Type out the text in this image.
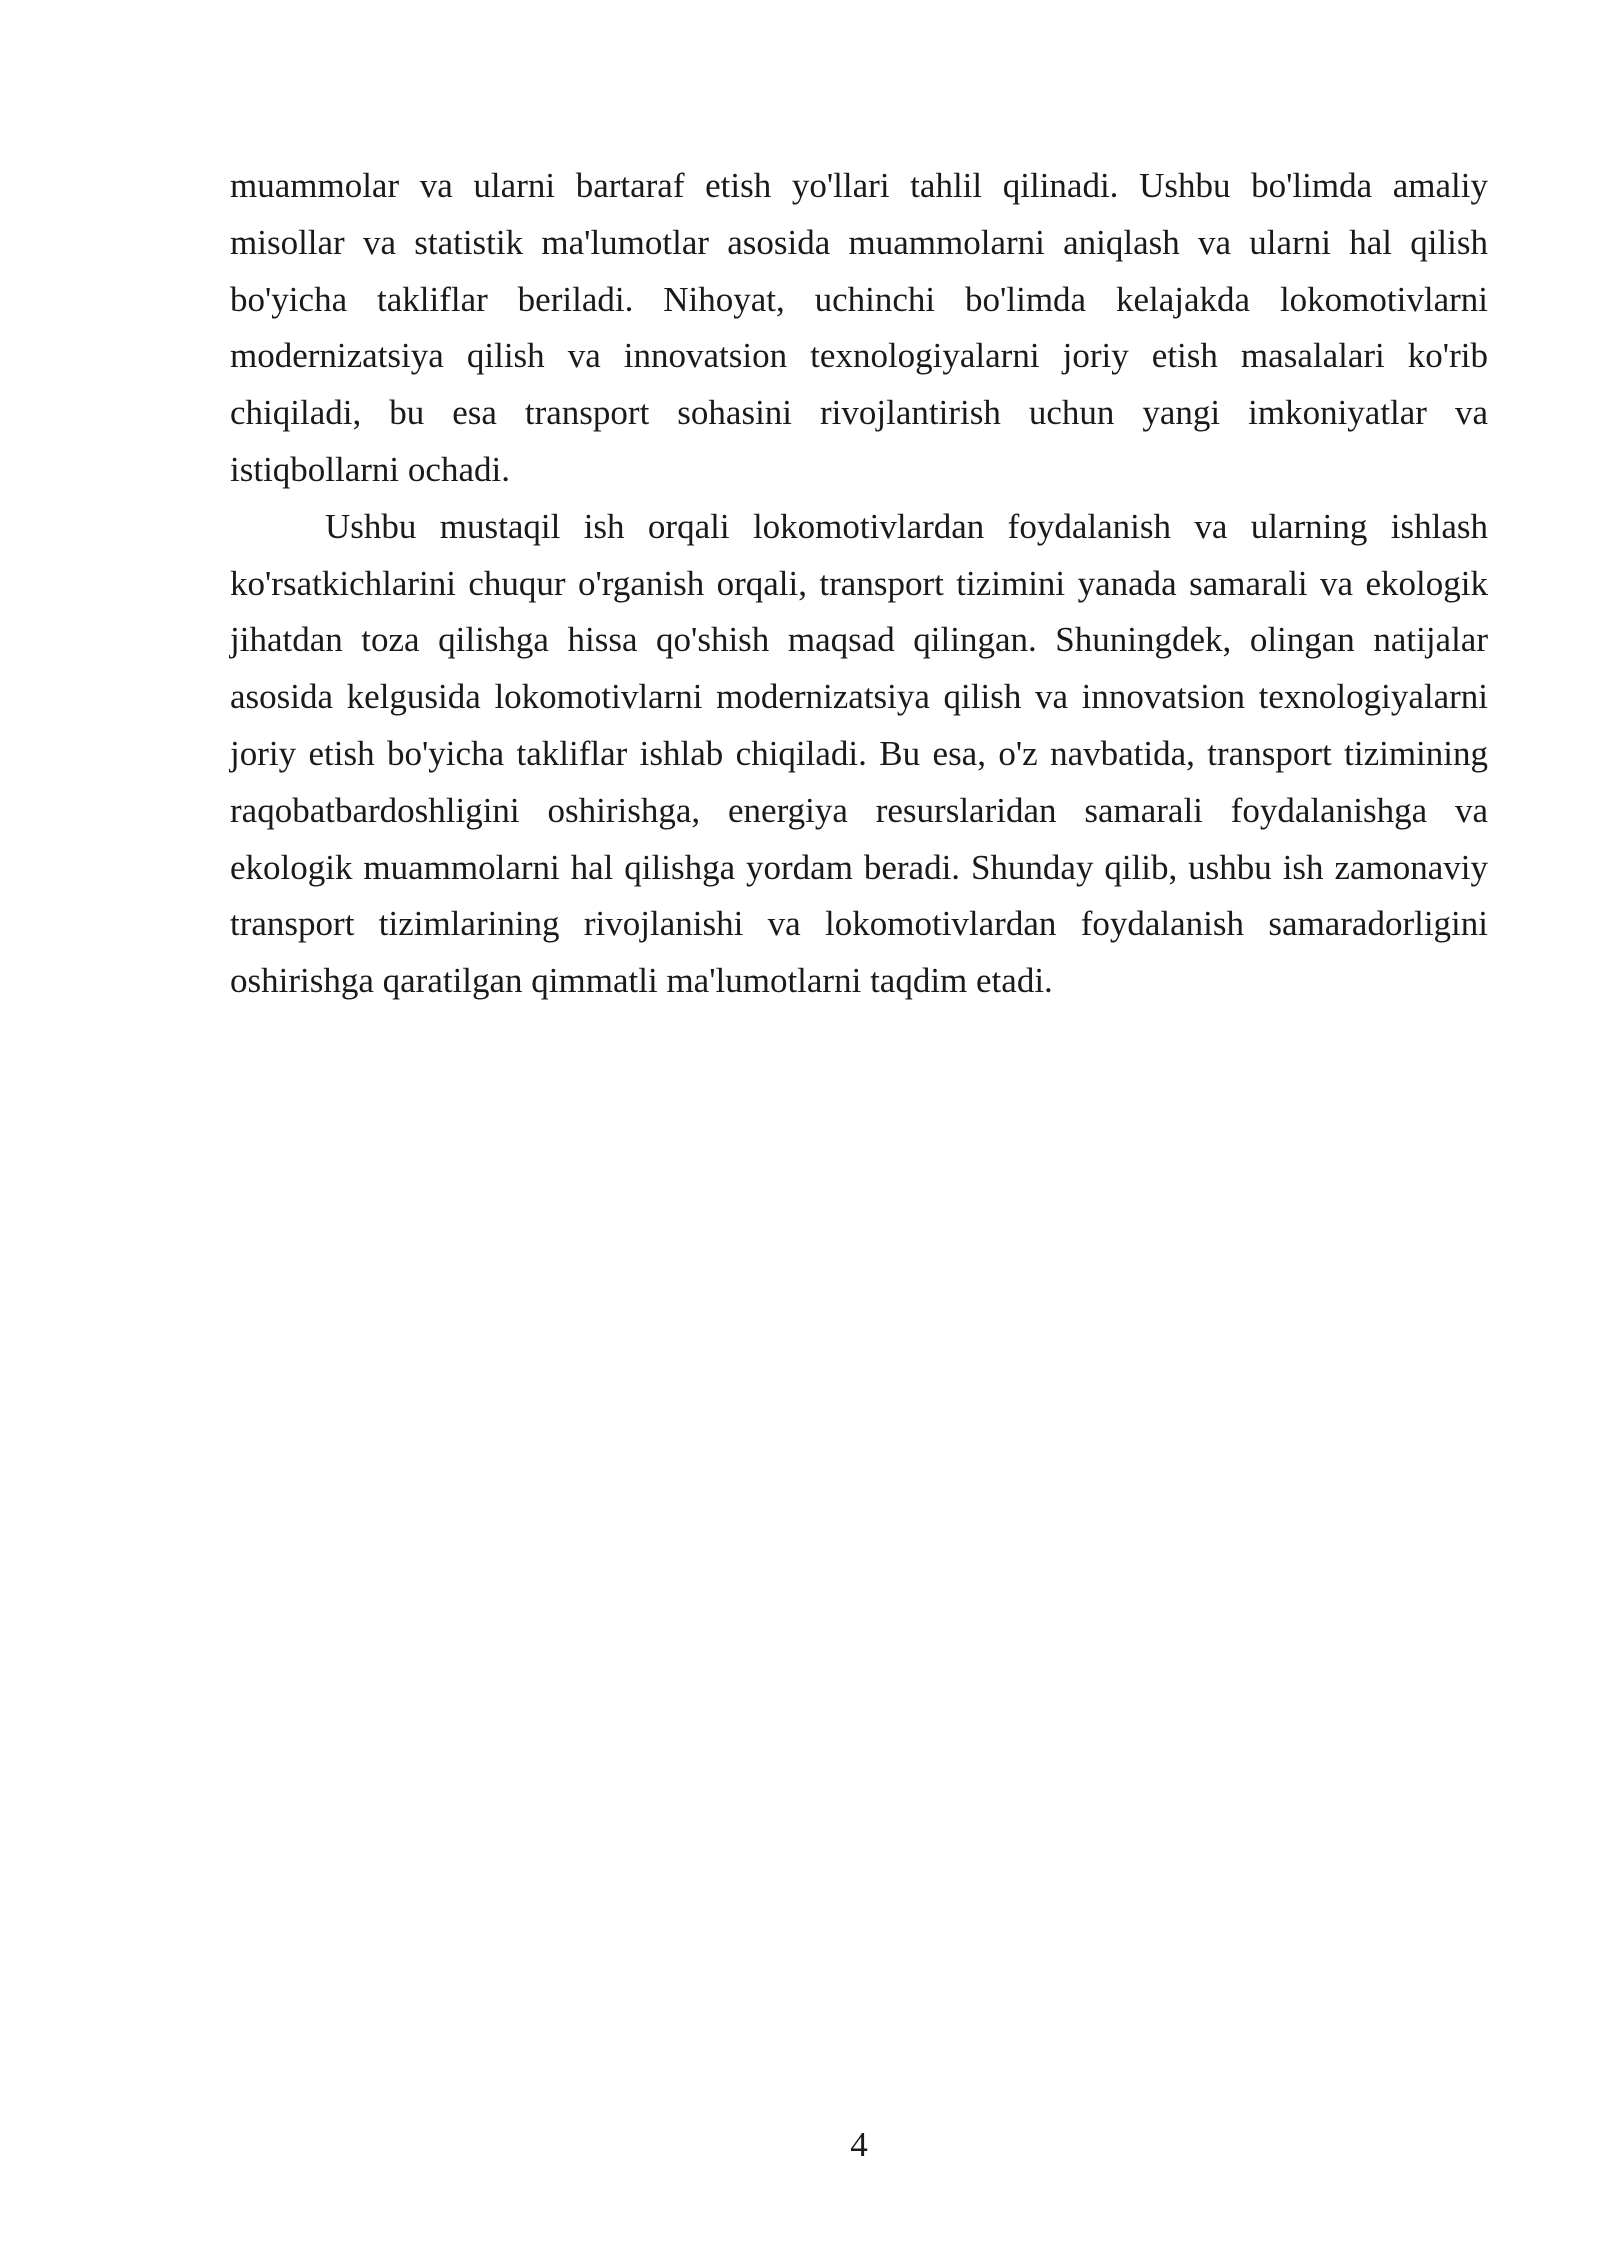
muammolar va ularni bartaraf etish yo'llari tahlil qilinadi. Ushbu bo'limda amaliy misollar va statistik ma'lumotlar asosida muammolarni aniqlash va ularni hal qilish bo'yicha takliflar beriladi. Nihoyat, uchinchi bo'limda kelajakda lokomotivlarni modernizatsiya qilish va innovatsion texnologiyalarni joriy etish masalalari ko'rib chiqiladi, bu esa transport sohasini rivojlantirish uchun yangi imkoniyatlar va istiqbollarni ochadi.

Ushbu mustaqil ish orqali lokomotivlardan foydalanish va ularning ishlash ko'rsatkichlarini chuqur o'rganish orqali, transport tizimini yanada samarali va ekologik jihatdan toza qilishga hissa qo'shish maqsad qilingan. Shuningdek, olingan natijalar asosida kelgusida lokomotivlarni modernizatsiya qilish va innovatsion texnologiyalarni joriy etish bo'yicha takliflar ishlab chiqiladi. Bu esa, o'z navbatida, transport tizimining raqobatbardoshligini oshirishga, energiya resurslaridan samarali foydalanishga va ekologik muammolarni hal qilishga yordam beradi. Shunday qilib, ushbu ish zamonaviy transport tizimlarining rivojlanishi va lokomotivlardan foydalanish samaradorligini oshirishga qaratilgan qimmatli ma'lumotlarni taqdim etadi.

4
